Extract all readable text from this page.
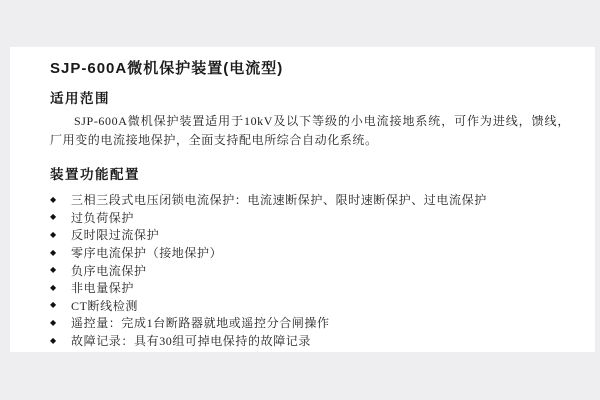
SJP-600A微机保护装置(电流型)
适用范围

SJP-600A微机保护装置适用于10kV及以下等级的小电流接地系统，可作为进线，馈线，厂用变的电流接地保护，全面支持配电所综合自动化系统。

装置功能配置
◆ 三相三段式电压闭锁电流保护：电流速断保护、限时速断保护、过电流保护
◆ 过负荷保护
◆ 反时限过流保护
◆ 零序电流保护（接地保护）
◆ 负序电流保护
◆ 非电量保护
◆ CT断线检测
◆ 遥控量：完成1台断路器就地或遥控分合闸操作
◆ 故障记录：具有30组可掉电保持的故障记录
